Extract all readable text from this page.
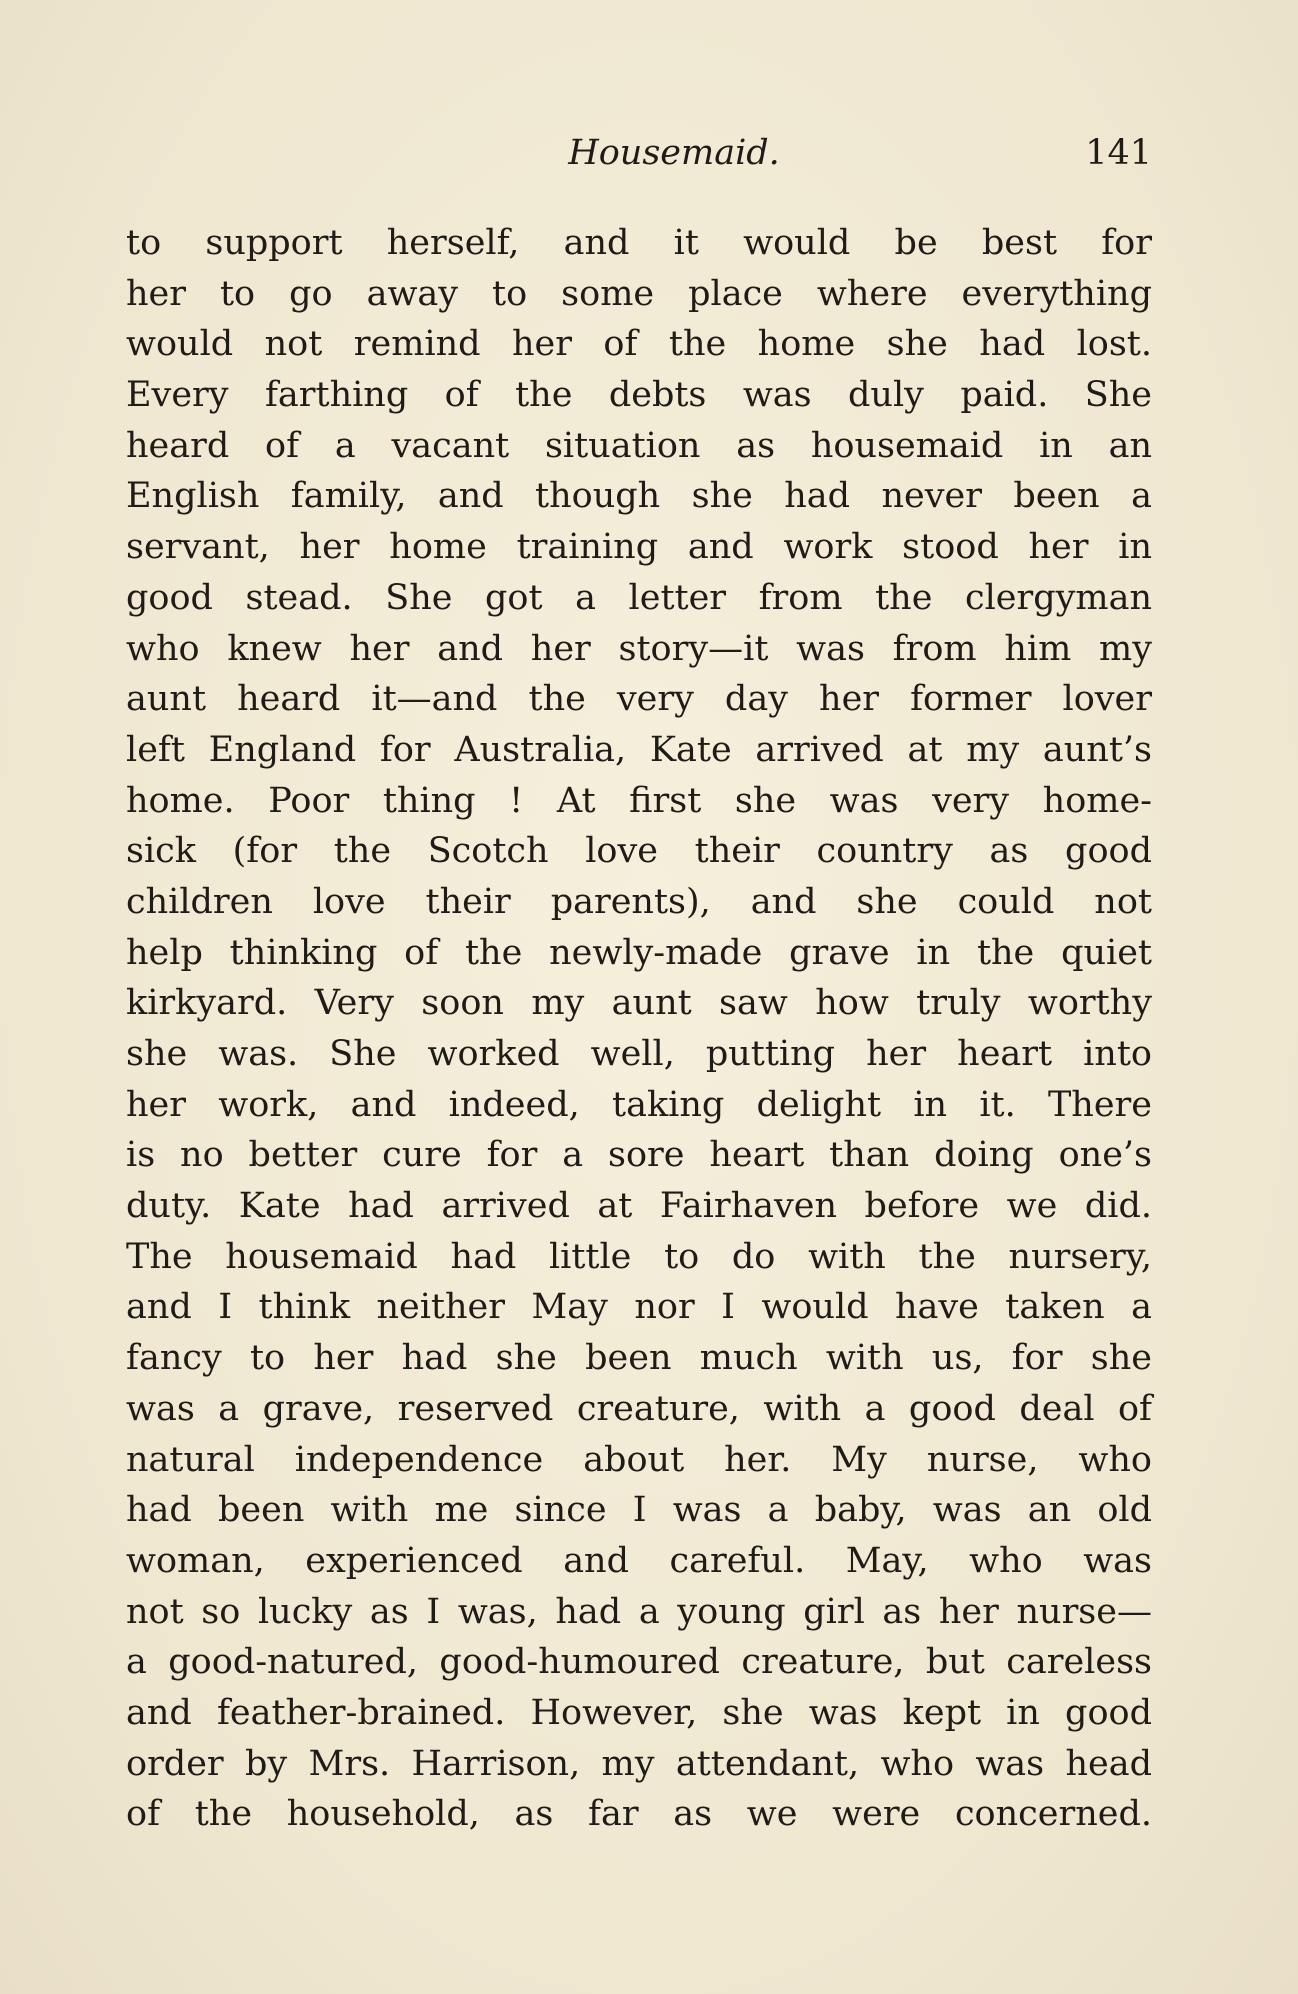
Housemaid.	141
to support herself, and it would be best for
her to go away to some place where everything
would not remind her of the home she had lost.
Every farthing of the debts was duly paid. She
heard of a vacant situation as housemaid in an
English family, and though she had never been a
servant, her home training and work stood her in
good stead. She got a letter from the clergyman
who knew her and her story—it was from him my
aunt heard it—and the very day her former lover
left England for Australia, Kate arrived at my aunt’s
home. Poor thing ! At first she was very home-
sick (for the Scotch love their country as good
children love their parents), and she could not
help thinking of the newly-made grave in the quiet
kirkyard. Very soon my aunt saw how truly worthy
she was. She worked well, putting her heart into
her work, and indeed, taking delight in it. There
is no better cure for a sore heart than doing one’s
duty. Kate had arrived at Fairhaven before we did.
The housemaid had little to do with the nursery,
and I think neither May nor I would have taken a
fancy to her had she been much with us, for she
was a grave, reserved creature, with a good deal of
natural independence about her. My nurse, who
had been with me since I was a baby, was an old
woman, experienced and careful. May, who was
not so lucky as I was, had a young girl as her nurse—
a good-natured, good-humoured creature, but careless
and feather-brained. However, she was kept in good
order by Mrs. Harrison, my attendant, who was head
of the household, as far as we were concerned.
